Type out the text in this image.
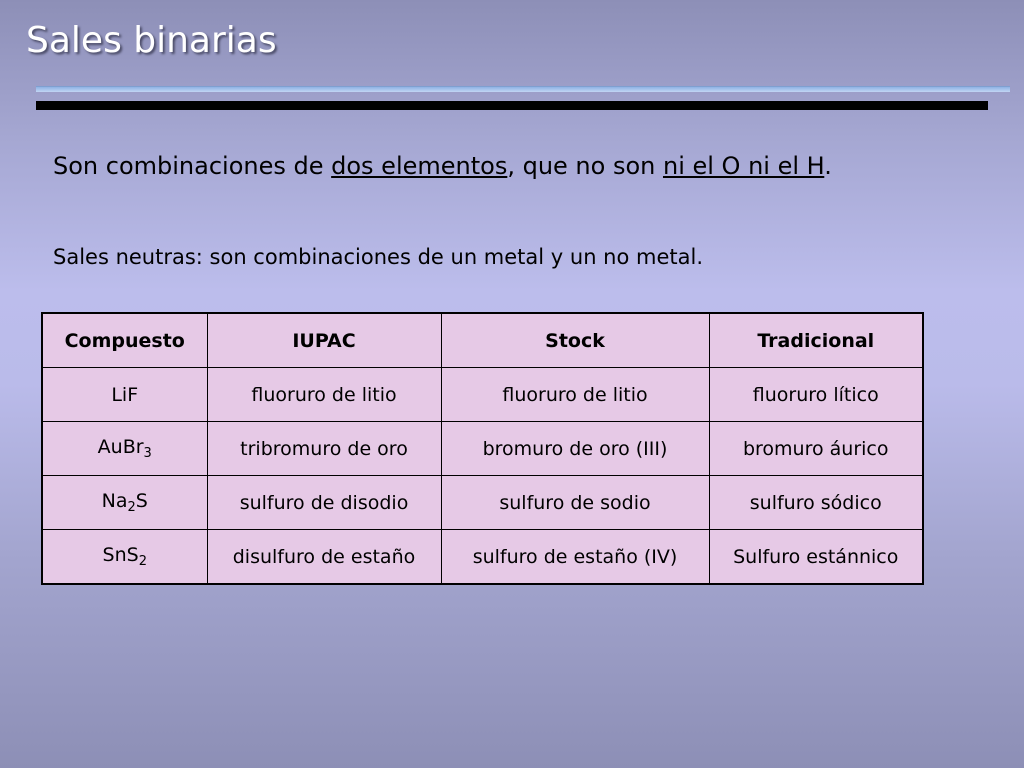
Sales binarias
Son combinaciones de dos elementos, que no son ni el O ni el H.
Sales neutras: son combinaciones de un metal y un no metal.
Compuesto	IUPAC	Stock	Tradicional
LiF	fluoruro de litio	fluoruro de litio	fluoruro lítico
AuBr$_3$	tribromuro de oro	bromuro de oro (III)	bromuro áurico
$Na_2S$	sulfuro de disodio	sulfuro de sodio	sulfuro sódico
SnS$_2$	disulfuro de estaño	sulfuro de estaño (IV)	Sulfuro estánnico
